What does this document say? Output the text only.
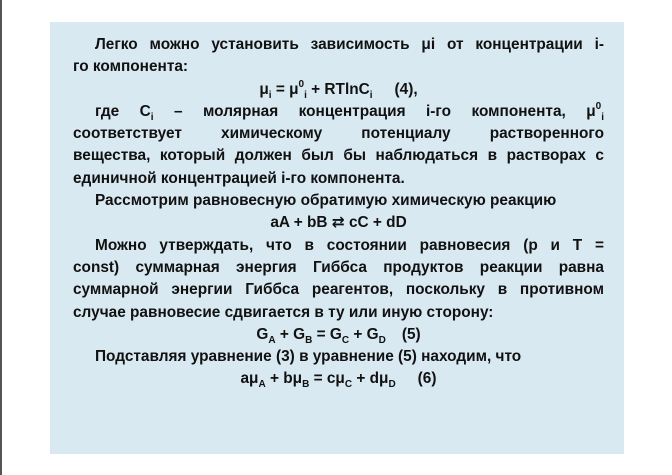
Легко можно установить зависимость μi от концентрации i-
го компонента:
$\mu_i = \mu^0_i + RTlnC_i$ (4),
где $C_i$ – молярная концентрация i-го компонента, $\mu^0_i$
соответствует химическому потенциалу растворенного
вещества, который должен был бы наблюдаться в растворах с
единичной концентрацией i-го компонента.
Рассмотрим равновесную обратимую химическую реакцию
aA + bB ⇄ cC + dD
Можно утверждать, что в состоянии равновесия (р и Т =
const) суммарная энергия Гиббса продуктов реакции равна
суммарной энергии Гиббса реагентов, поскольку в противном
случае равновесие сдвигается в ту или иную сторону:
$G_A + G_B = G_C + G_D$ (5)
Подставляя уравнение (3) в уравнение (5) находим, что
$a\mu_A + b\mu_B = c\mu_C + d\mu_D$ (6)
